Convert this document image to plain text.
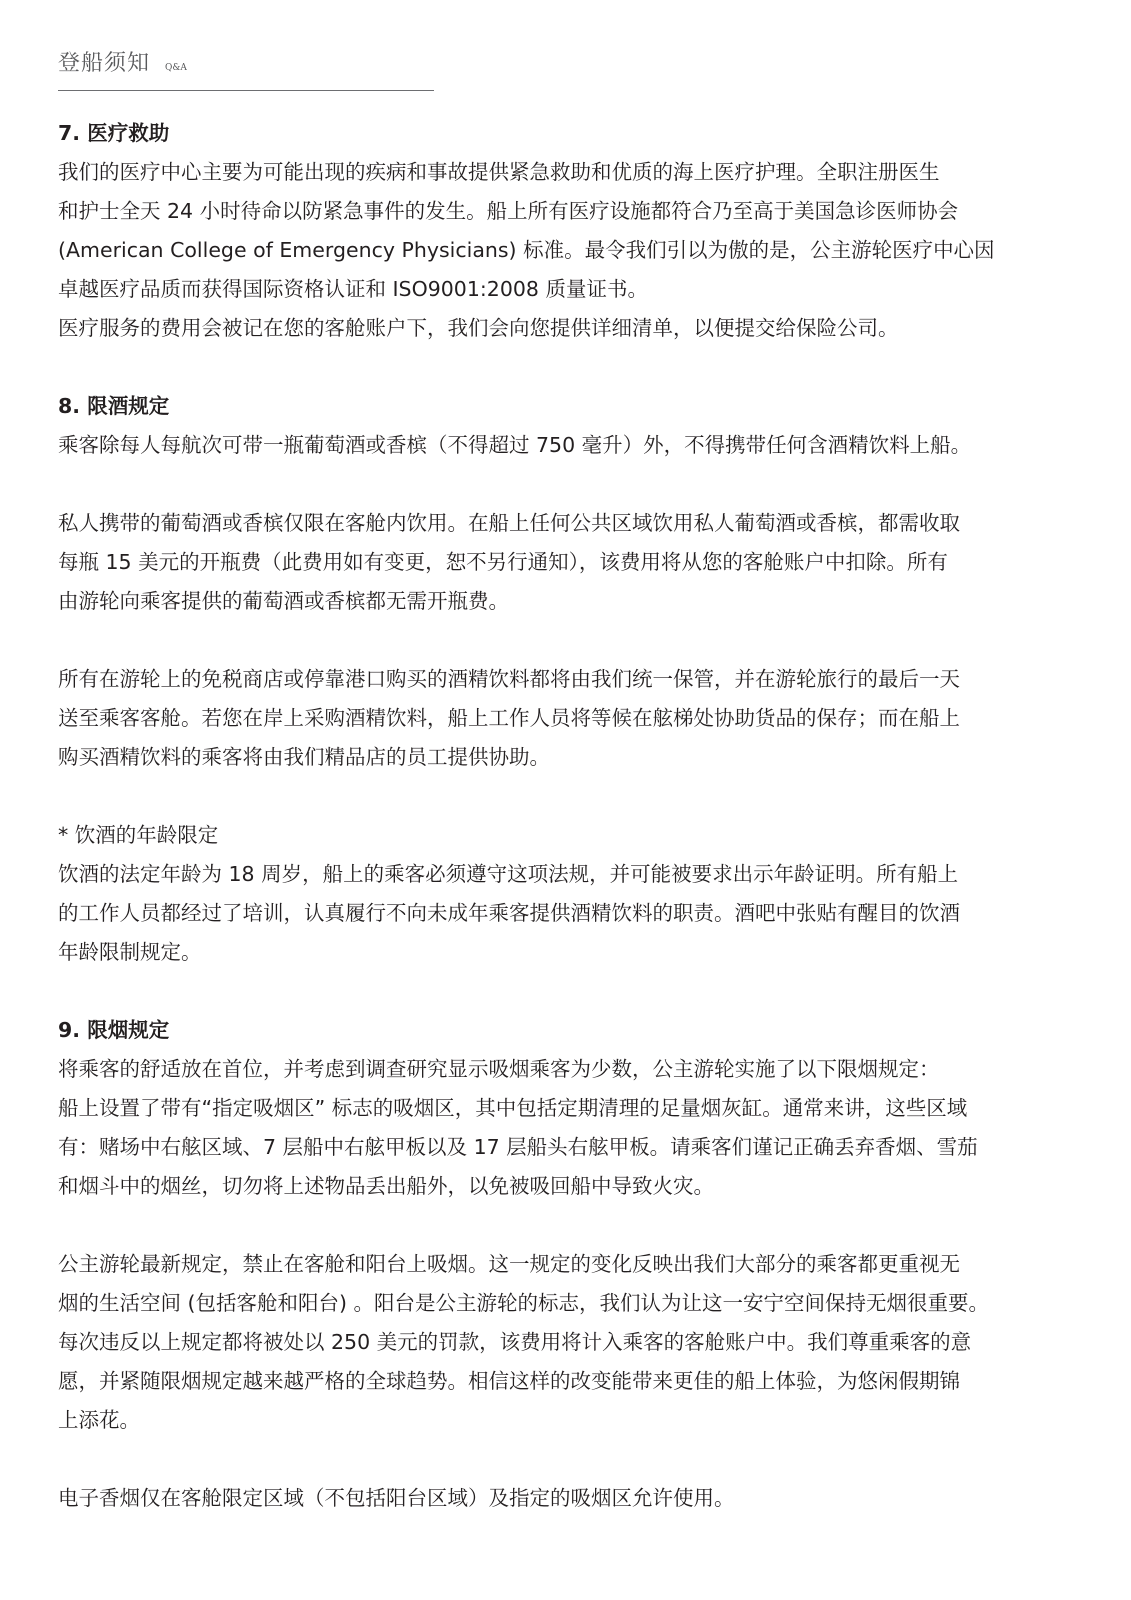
登船须知 Q&A

7. 医疗救助

我们的医疗中心主要为可能出现的疾病和事故提供紧急救助和优质的海上医疗护理。全职注册医生

和护士全天 24 小时待命以防紧急事件的发生。船上所有医疗设施都符合乃至高于美国急诊医师协会

(American College of Emergency Physicians) 标准。最令我们引以为傲的是，公主游轮医疗中心因

卓越医疗品质而获得国际资格认证和 ISO9001:2008 质量证书。

医疗服务的费用会被记在您的客舱账户下，我们会向您提供详细清单，以便提交给保险公司。

8. 限酒规定

乘客除每人每航次可带一瓶葡萄酒或香槟（不得超过 750 毫升）外，不得携带任何含酒精饮料上船。

私人携带的葡萄酒或香槟仅限在客舱内饮用。在船上任何公共区域饮用私人葡萄酒或香槟，都需收取

每瓶 15 美元的开瓶费（此费用如有变更，恕不另行通知），该费用将从您的客舱账户中扣除。所有

由游轮向乘客提供的葡萄酒或香槟都无需开瓶费。

所有在游轮上的免税商店或停靠港口购买的酒精饮料都将由我们统一保管，并在游轮旅行的最后一天

送至乘客客舱。若您在岸上采购酒精饮料，船上工作人员将等候在舷梯处协助货品的保存；而在船上

购买酒精饮料的乘客将由我们精品店的员工提供协助。

* 饮酒的年龄限定

饮酒的法定年龄为 18 周岁，船上的乘客必须遵守这项法规，并可能被要求出示年龄证明。所有船上

的工作人员都经过了培训，认真履行不向未成年乘客提供酒精饮料的职责。酒吧中张贴有醒目的饮酒

年龄限制规定。

9. 限烟规定

将乘客的舒适放在首位，并考虑到调查研究显示吸烟乘客为少数，公主游轮实施了以下限烟规定：

船上设置了带有“指定吸烟区” 标志的吸烟区，其中包括定期清理的足量烟灰缸。通常来讲，这些区域

有：赌场中右舷区域、7 层船中右舷甲板以及 17 层船头右舷甲板。请乘客们谨记正确丢弃香烟、雪茄

和烟斗中的烟丝，切勿将上述物品丢出船外，以免被吸回船中导致火灾。

公主游轮最新规定，禁止在客舱和阳台上吸烟。这一规定的变化反映出我们大部分的乘客都更重视无

烟的生活空间 (包括客舱和阳台) 。阳台是公主游轮的标志，我们认为让这一安宁空间保持无烟很重要。

每次违反以上规定都将被处以 250 美元的罚款，该费用将计入乘客的客舱账户中。我们尊重乘客的意

愿，并紧随限烟规定越来越严格的全球趋势。相信这样的改变能带来更佳的船上体验，为悠闲假期锦

上添花。

电子香烟仅在客舱限定区域（不包括阳台区域）及指定的吸烟区允许使用。
